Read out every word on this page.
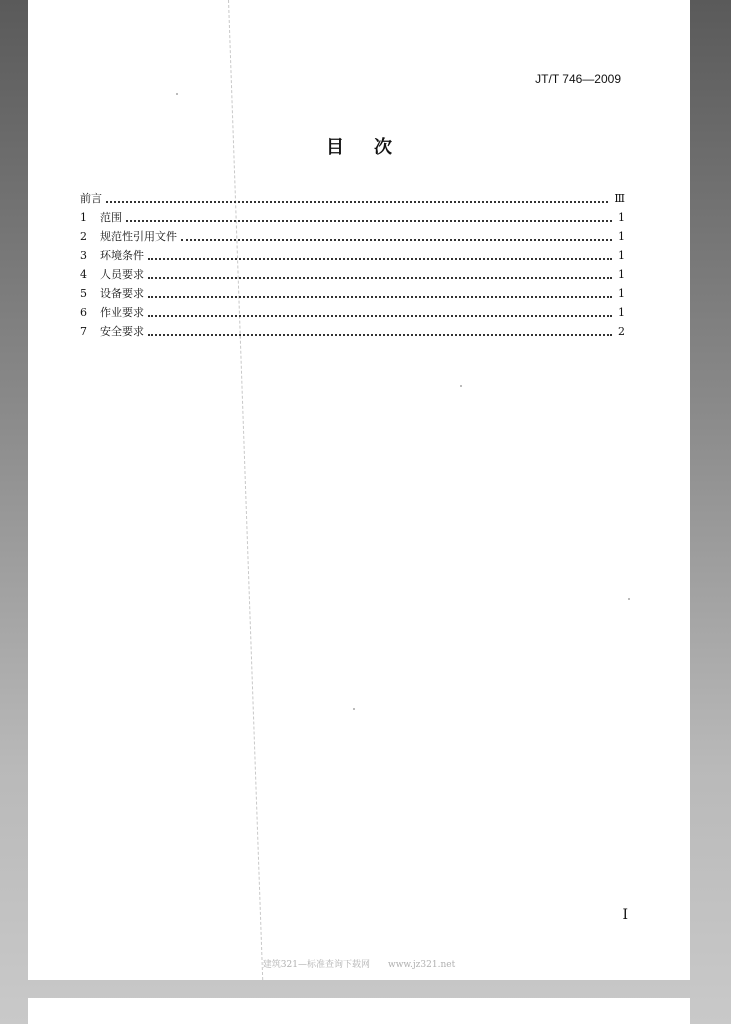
JT/T 746—2009
目次
前言	Ⅲ
1	范围	1
2	规范性引用文件	1
3	环境条件	1
4	人员要求	1
5	设备要求	1
6	作业要求	1
7	安全要求	2
I
建筑321—标准查询下载网 www.jz321.net
